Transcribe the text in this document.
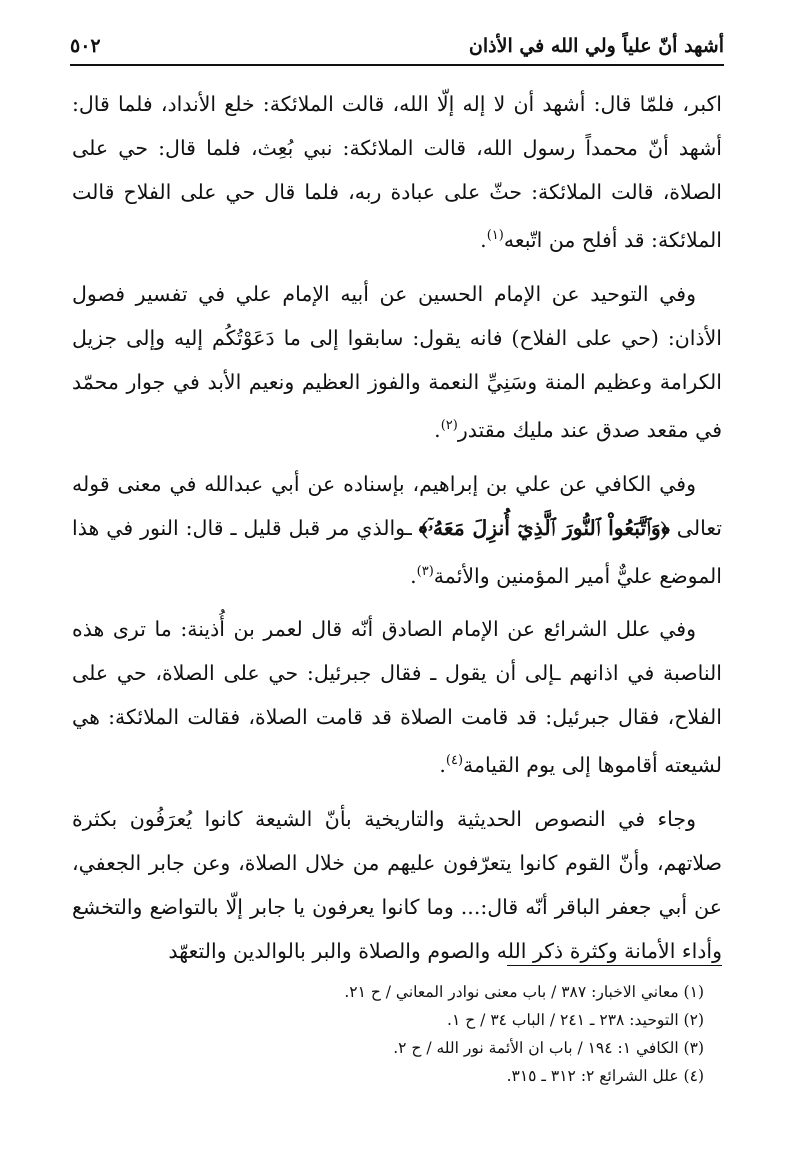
أشهد أنّ علياً ولي الله في الأذان
٥٠٢

اكبر، فلمّا قال: أشهد أن لا إله إلّا الله، قالت الملائكة: خلع الأنداد، فلما قال: أشهد أنّ محمداً رسول الله، قالت الملائكة: نبي بُعِث، فلما قال: حي على الصلاة، قالت الملائكة: حثّ على عبادة ربه، فلما قال حي على الفلاح قالت الملائكة: قد أفلح من اتّبعه$^{(١)}$.

وفي التوحيد عن الإمام الحسين عن أبيه الإمام علي في تفسير فصول الأذان: (حي على الفلاح) فانه يقول: سابقوا إلى ما دَعَوْتُكُم إليه وإلى جزيل الكرامة وعظيم المنة وسَنِيِّ النعمة والفوز العظيم ونعيم الأبد في جوار محمّد في مقعد صدق عند مليك مقتدر$^{(٢)}$.

وفي الكافي عن علي بن إبراهيم، بإسناده عن أبي عبدالله في معنى قوله تعالى ﴿وَٱتَّبَعُواْ ٱلنُّورَ ٱلَّذِيٓ أُنزِلَ مَعَهُۥٓ﴾ ـوالذي مر قبل قليل ـ قال: النور في هذا الموضع عليٌّ أمير المؤمنين والأئمة$^{(٣)}$.

وفي علل الشرائع عن الإمام الصادق أنّه قال لعمر بن أُذينة: ما ترى هذه الناصبة في اذانهم ـإلى أن يقول ـ فقال جبرئيل: حي على الصلاة، حي على الفلاح، فقال جبرئيل: قد قامت الصلاة قد قامت الصلاة، فقالت الملائكة: هي لشيعته أقاموها إلى يوم القيامة$^{(٤)}$.

وجاء في النصوص الحديثية والتاريخية بأنّ الشيعة كانوا يُعرَفُون بكثرة صلاتهم، وأنّ القوم كانوا يتعرّفون عليهم من خلال الصلاة، وعن جابر الجعفي، عن أبي جعفر الباقر أنّه قال:... وما كانوا يعرفون يا جابر إلّا بالتواضع والتخشع وأداء الأمانة وكثرة ذكر الله والصوم والصلاة والبر بالوالدين والتعهّد

(١) معاني الاخبار: ٣٨٧ / باب معنى نوادر المعاني / ح ٢١.
(٢) التوحيد: ٢٣٨ ـ ٢٤١ / الباب ٣٤ / ح ١.
(٣) الكافي ١: ١٩٤ / باب ان الأئمة نور الله / ح ٢.
(٤) علل الشرائع ٢: ٣١٢ ـ ٣١٥.
